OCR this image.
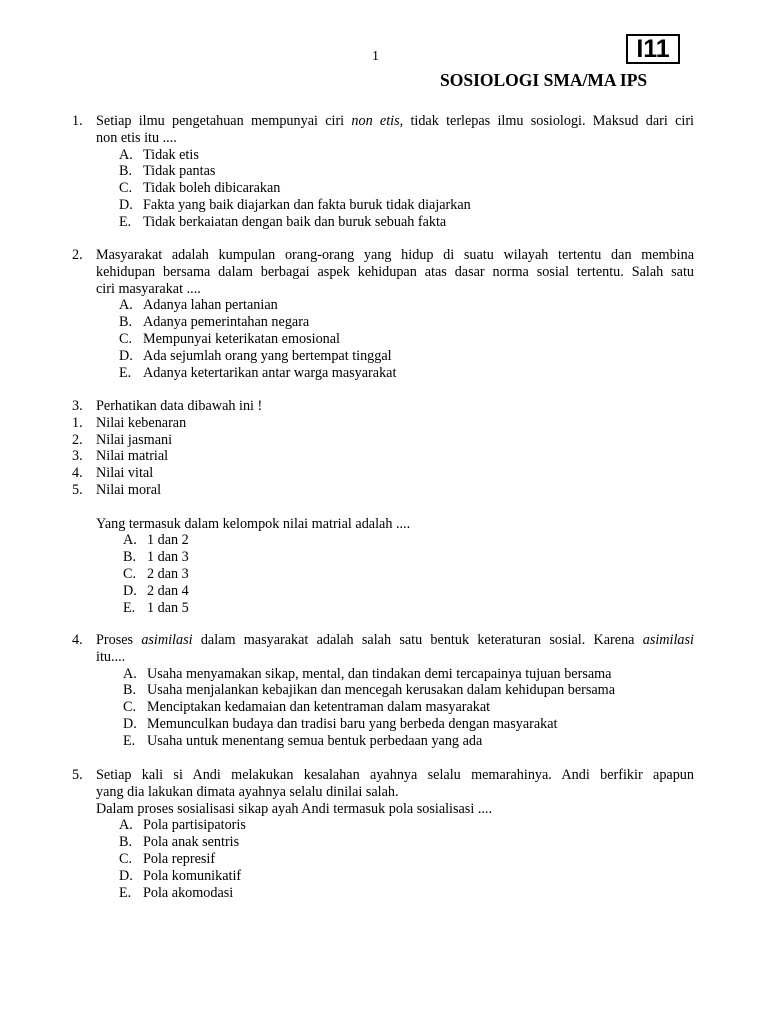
1	I11
SOSIOLOGI SMA/MA IPS
1. Setiap ilmu pengetahuan mempunyai ciri non etis, tidak terlepas ilmu sosiologi. Maksud dari ciri
non etis itu ....
A. Tidak etis
B. Tidak pantas
C. Tidak boleh dibicarakan
D. Fakta yang baik diajarkan dan fakta buruk tidak diajarkan
E. Tidak berkaiatan dengan baik dan buruk sebuah fakta
2. Masyarakat adalah kumpulan orang-orang yang hidup di suatu wilayah tertentu dan membina
kehidupan bersama dalam berbagai aspek kehidupan atas dasar norma sosial tertentu. Salah satu
ciri masyarakat ....
A. Adanya lahan pertanian
B. Adanya pemerintahan negara
C. Mempunyai keterikatan emosional
D. Ada sejumlah orang yang bertempat tinggal
E. Adanya ketertarikan antar warga masyarakat
3. Perhatikan data dibawah ini !
1. Nilai kebenaran
2. Nilai jasmani
3. Nilai matrial
4. Nilai vital
5. Nilai moral
Yang termasuk dalam kelompok nilai matrial adalah ....
A. 1 dan 2
B. 1 dan 3
C. 2 dan 3
D. 2 dan 4
E. 1 dan 5
4. Proses asimilasi dalam masyarakat adalah salah satu bentuk keteraturan sosial. Karena asimilasi
itu....
A. Usaha menyamakan sikap, mental, dan tindakan demi tercapainya tujuan bersama
B. Usaha menjalankan kebajikan dan mencegah kerusakan dalam kehidupan bersama
C. Menciptakan kedamaian dan ketentraman dalam masyarakat
D. Memunculkan budaya dan tradisi baru yang berbeda dengan masyarakat
E. Usaha untuk menentang semua bentuk perbedaan yang ada
5. Setiap kali si Andi melakukan kesalahan ayahnya selalu memarahinya. Andi berfikir apapun
yang dia lakukan dimata ayahnya selalu dinilai salah.
Dalam proses sosialisasi sikap ayah Andi termasuk pola sosialisasi ....
A. Pola partisipatoris
B. Pola anak sentris
C. Pola represif
D. Pola komunikatif
E. Pola akomodasi
